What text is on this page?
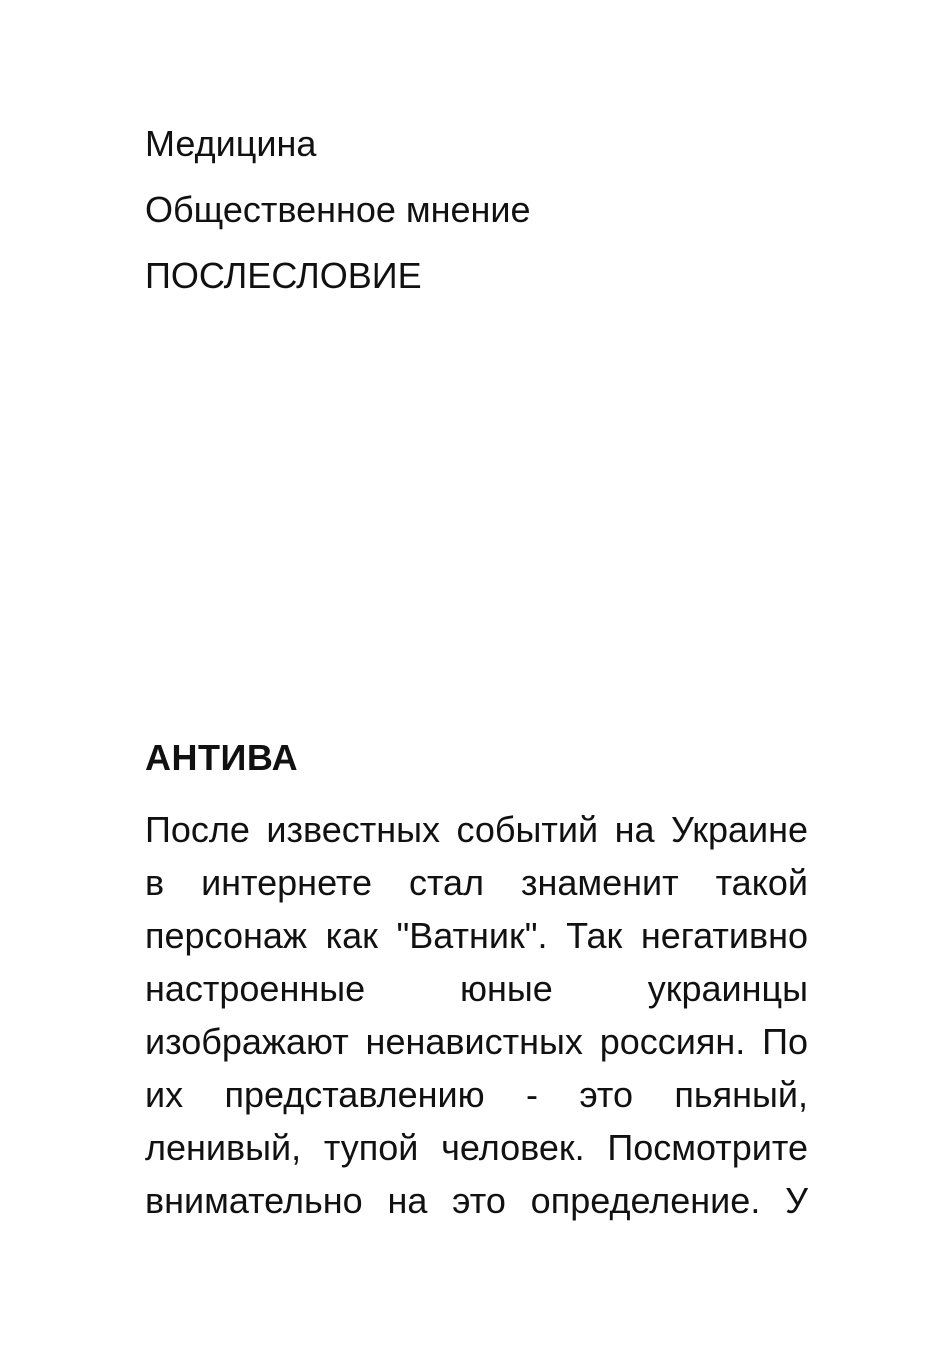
Медицина

Общественное мнение

ПОСЛЕСЛОВИЕ

АНТИВА
После известных событий на Украине
в интернете стал знаменит такой
персонаж как "Ватник". Так негативно
настроенные юные украинцы
изображают ненавистных россиян. По
их представлению - это пьяный,
ленивый, тупой человек. Посмотрите
внимательно на это определение. У
